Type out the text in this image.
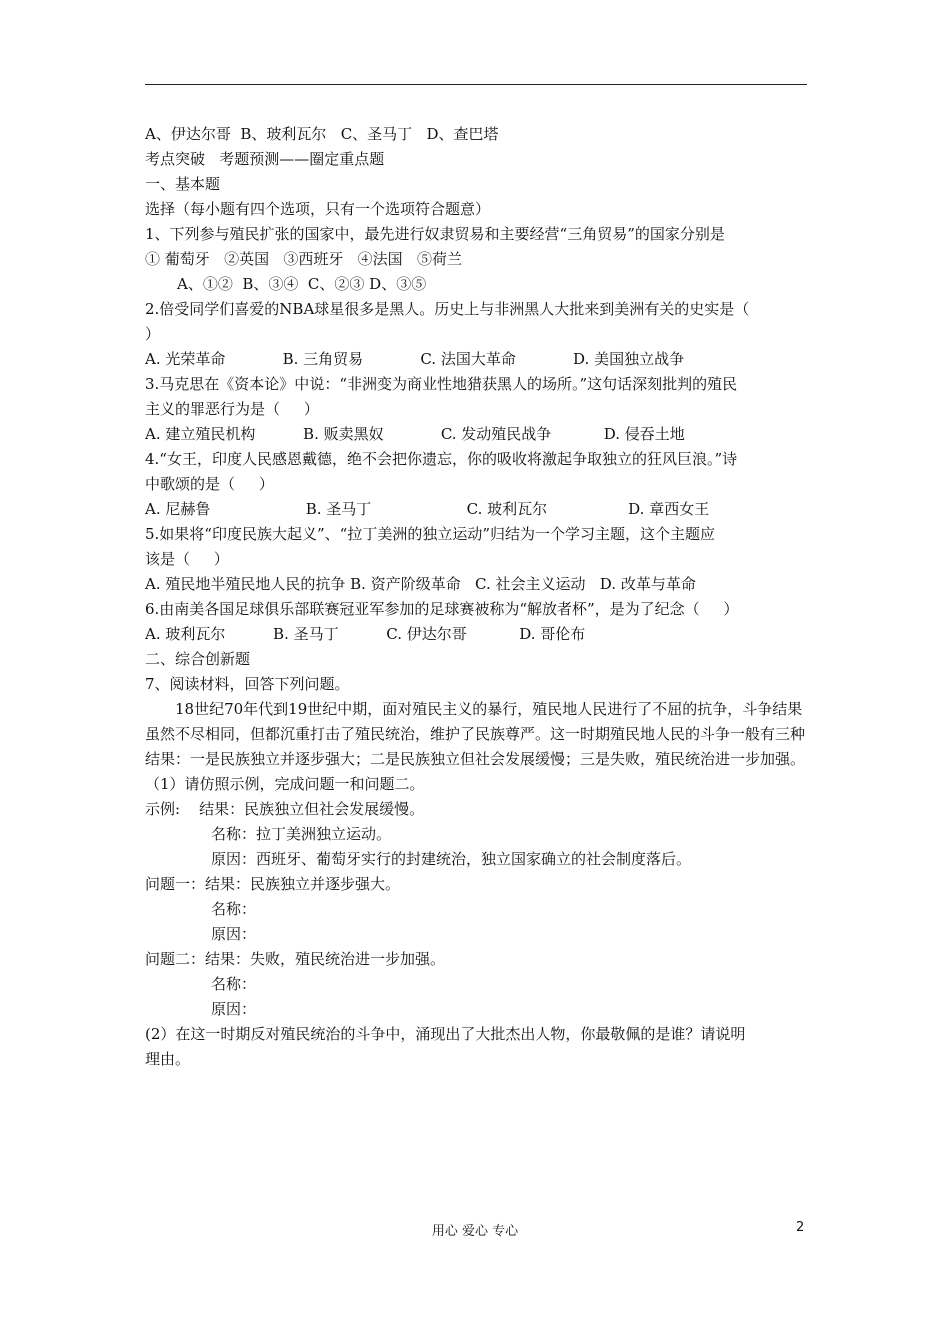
A、伊达尔哥  B、玻利瓦尔   C、圣马丁   D、查巴塔
考点突破   考题预测——圈定重点题
一、基本题
选择（每小题有四个选项，只有一个选项符合题意）
1、下列参与殖民扩张的国家中，最先进行奴隶贸易和主要经营“三角贸易”的国家分别是
① 葡萄牙   ②英国   ③西班牙   ④法国   ⑤荷兰
A、①②  B、③④  C、②③ D、③⑤
2.倍受同学们喜爱的NBA球星很多是黑人。历史上与非洲黑人大批来到美洲有关的史实是（
）
A. 光荣革命            B. 三角贸易            C. 法国大革命            D. 美国独立战争
3.马克思在《资本论》中说：“非洲变为商业性地猎获黑人的场所。”这句话深刻批判的殖民
主义的罪恶行为是（     ）
A. 建立殖民机构          B. 贩卖黑奴            C. 发动殖民战争           D. 侵吞土地
4.“女王，印度人民感恩戴德，绝不会把你遗忘，你的吸收将激起争取独立的狂风巨浪。”诗
中歌颂的是（     ）
A. 尼赫鲁                    B. 圣马丁                    C. 玻利瓦尔                 D. 章西女王
5.如果将“印度民族大起义”、“拉丁美洲的独立运动”归结为一个学习主题，这个主题应
该是（     ）
A. 殖民地半殖民地人民的抗争 B. 资产阶级革命   C. 社会主义运动   D. 改革与革命
6.由南美各国足球俱乐部联赛冠亚军参加的足球赛被称为“解放者杯”，是为了纪念（     ）
A. 玻利瓦尔          B. 圣马丁          C. 伊达尔哥           D. 哥伦布
二、综合创新题
7、阅读材料，回答下列问题。
18世纪70年代到19世纪中期，面对殖民主义的暴行，殖民地人民进行了不屈的抗争，斗争结果虽然不尽相同，但都沉重打击了殖民统治，维护了民族尊严。这一时期殖民地人民的斗争一般有三种结果：一是民族独立并逐步强大；二是民族独立但社会发展缓慢；三是失败，殖民统治进一步加强。
（1）请仿照示例，完成问题一和问题二。
示例:    结果：民族独立但社会发展缓慢。
名称：拉丁美洲独立运动。
原因：西班牙、葡萄牙实行的封建统治，独立国家确立的社会制度落后。
问题一：结果：民族独立并逐步强大。
名称：
原因：
问题二：结果：失败，殖民统治进一步加强。
名称：
原因：
(2）在这一时期反对殖民统治的斗争中，涌现出了大批杰出人物，你最敬佩的是谁？请说明
理由。
用心 爱心 专心	2
